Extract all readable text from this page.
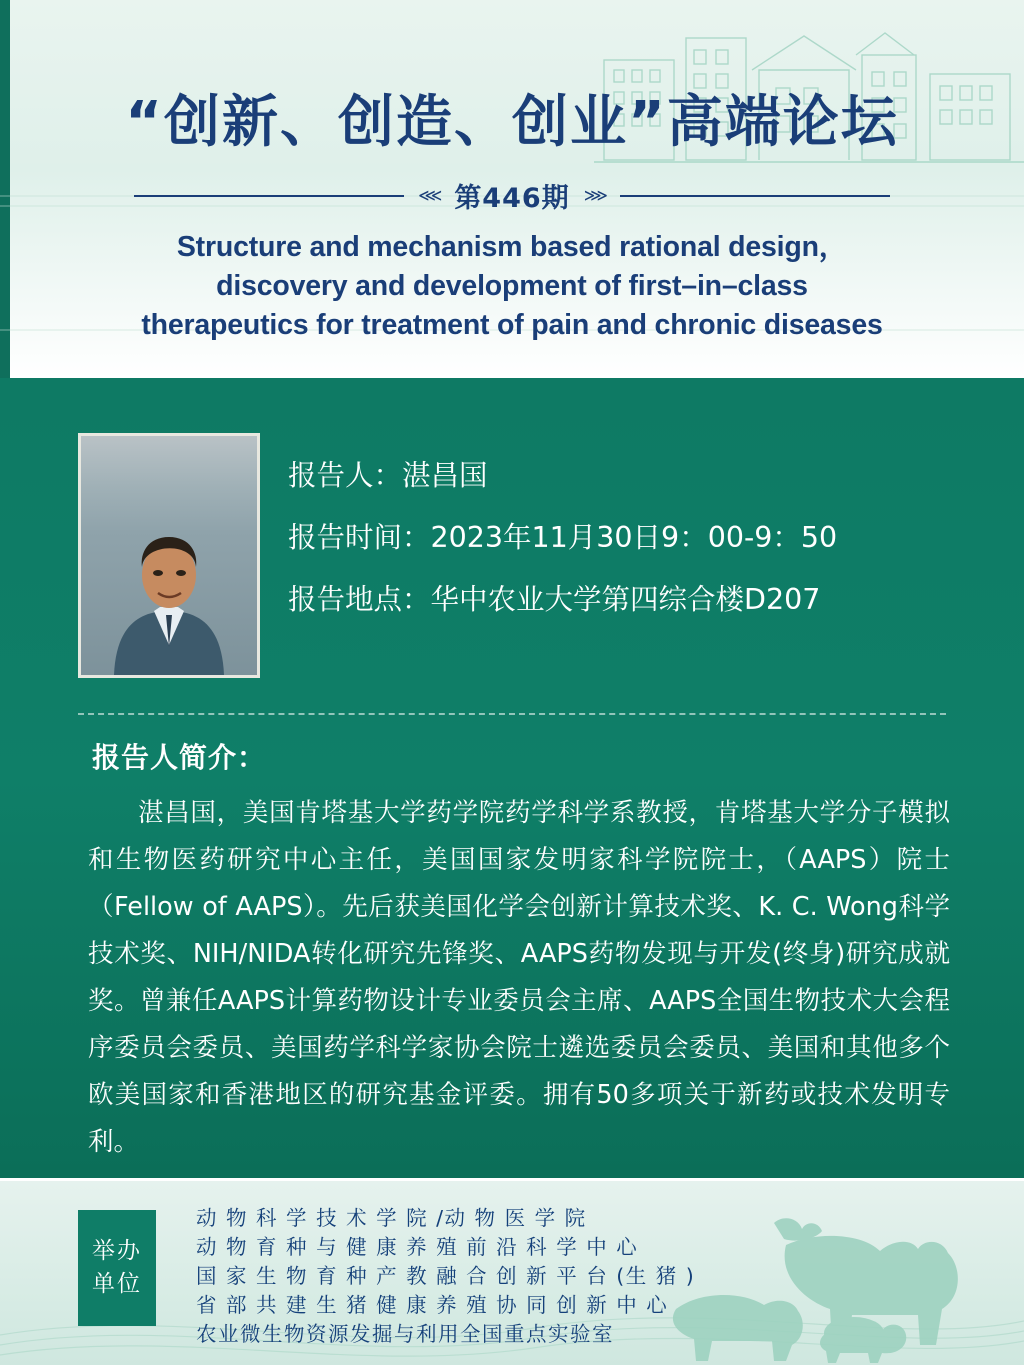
“创新、创造、创业”高端论坛
⋘ 第446期 ⋙
Structure and mechanism based rational design，
discovery and development of first–in–class
therapeutics for treatment of pain and chronic diseases
报告人：湛昌国
报告时间：2023年11月30日9：00-9：50
报告地点：华中农业大学第四综合楼D207
报告人简介：
湛昌国，美国肯塔基大学药学院药学科学系教授，肯塔基大学分子模拟和生物医药研究中心主任，美国国家发明家科学院院士，（AAPS）院士（Fellow of AAPS）。先后获美国化学会创新计算技术奖、K. C. Wong科学技术奖、NIH/NIDA转化研究先锋奖、AAPS药物发现与开发(终身)研究成就奖。曾兼任AAPS计算药物设计专业委员会主席、AAPS全国生物技术大会程序委员会委员、美国药学科学家协会院士遴选委员会委员、美国和其他多个欧美国家和香港地区的研究基金评委。拥有50多项关于新药或技术发明专利。
举办
单位
动 物 科 学 技 术 学 院 /动 物 医 学 院
动 物 育 种 与 健 康 养 殖 前 沿 科 学 中 心
国 家 生 物 育 种 产 教 融 合 创 新 平 台 (生 猪 )
省 部 共 建 生 猪 健 康 养 殖 协 同 创 新 中 心
农业微生物资源发掘与利用全国重点实验室
